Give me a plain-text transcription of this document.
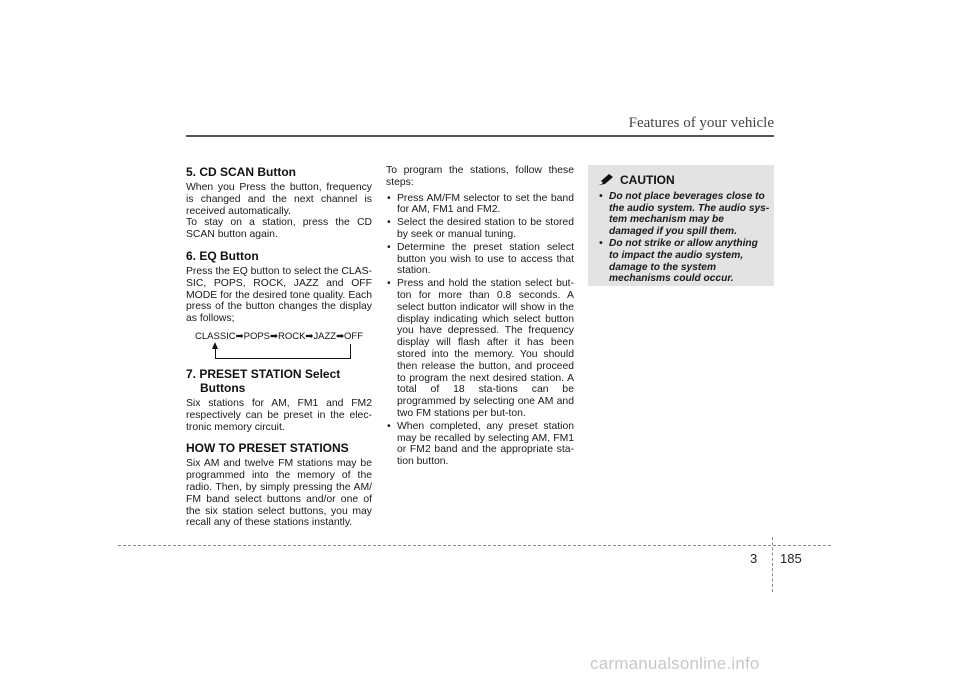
Features of your vehicle
5. CD SCAN Button

When you Press the button, frequency is changed and the next channel is received automatically.

To stay on a station, press the CD SCAN button again.

6. EQ Button

Press the EQ button to select the CLAS-SIC, POPS, ROCK, JAZZ and OFF MODE for the desired tone quality. Each press of the button changes the display as follows;

CLASSIC➡POPS➡ROCK➡JAZZ➡OFF
7. PRESET STATION Select Buttons

Six stations for AM, FM1 and FM2 respectively can be preset in the elec-tronic memory circuit.

HOW TO PRESET STATIONS

Six AM and twelve FM stations may be programmed into the memory of the radio. Then, by simply pressing the AM/ FM band select buttons and/or one of the six station select buttons, you may recall any of these stations instantly.

To program the stations, follow these steps:

• Press AM/FM selector to set the band for AM, FM1 and FM2.
• Select the desired station to be stored by seek or manual tuning.
• Determine the preset station select button you wish to use to access that station.
• Press and hold the station select but-ton for more than 0.8 seconds. A select button indicator will show in the display indicating which select button you have depressed. The frequency display will flash after it has been stored into the memory. You should then release the button, and proceed to program the next desired station. A total of 18 sta-tions can be programmed by selecting one AM and two FM stations per but-ton.
• When completed, any preset station may be recalled by selecting AM, FM1 or FM2 band and the appropriate sta-tion button.
CAUTION
• Do not place beverages close to the audio system. The audio sys-tem mechanism may be damaged if you spill them.
• Do not strike or allow anything to impact the audio system, damage to the system mechanisms could occur.
3 185
carmanualsonline.info
